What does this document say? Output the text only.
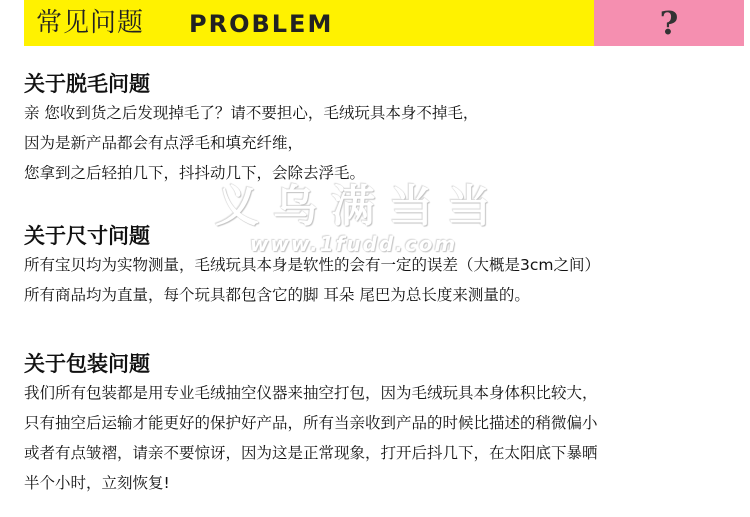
常见问题 PROBLEM	?
关于脱毛问题
亲 您收到货之后发现掉毛了？请不要担心，毛绒玩具本身不掉毛，
因为是新产品都会有点浮毛和填充纤维，
您拿到之后轻拍几下，抖抖动几下，会除去浮毛。
关于尺寸问题
所有宝贝均为实物测量，毛绒玩具本身是软性的会有一定的误差（大概是3cm之间）
所有商品均为直量，每个玩具都包含它的脚 耳朵 尾巴为总长度来测量的。
关于包装问题
我们所有包装都是用专业毛绒抽空仪器来抽空打包，因为毛绒玩具本身体积比较大，
只有抽空后运输才能更好的保护好产品，所有当亲收到产品的时候比描述的稍微偏小
或者有点皱褶，请亲不要惊讶，因为这是正常现象，打开后抖几下，在太阳底下暴晒
半个小时，立刻恢复!
义乌满当当
www.1fudd.com
